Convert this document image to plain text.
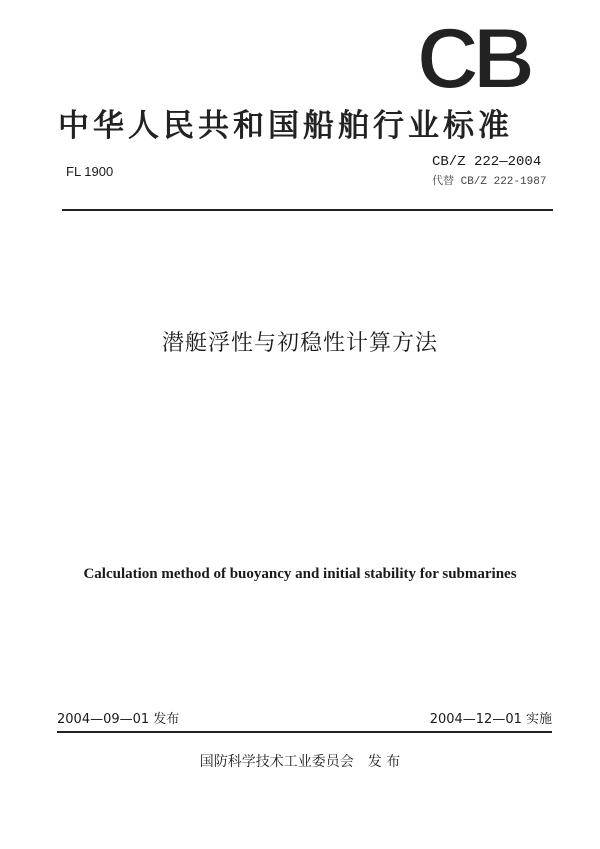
CB
中华人民共和国船舶行业标准
FL 1900
CB/Z 222—2004
代替 CB/Z 222-1987
潜艇浮性与初稳性计算方法
Calculation method of buoyancy and initial stability for submarines
2004—09—01 发布	2004—12—01 实施
国防科学技术工业委员会　发 布
